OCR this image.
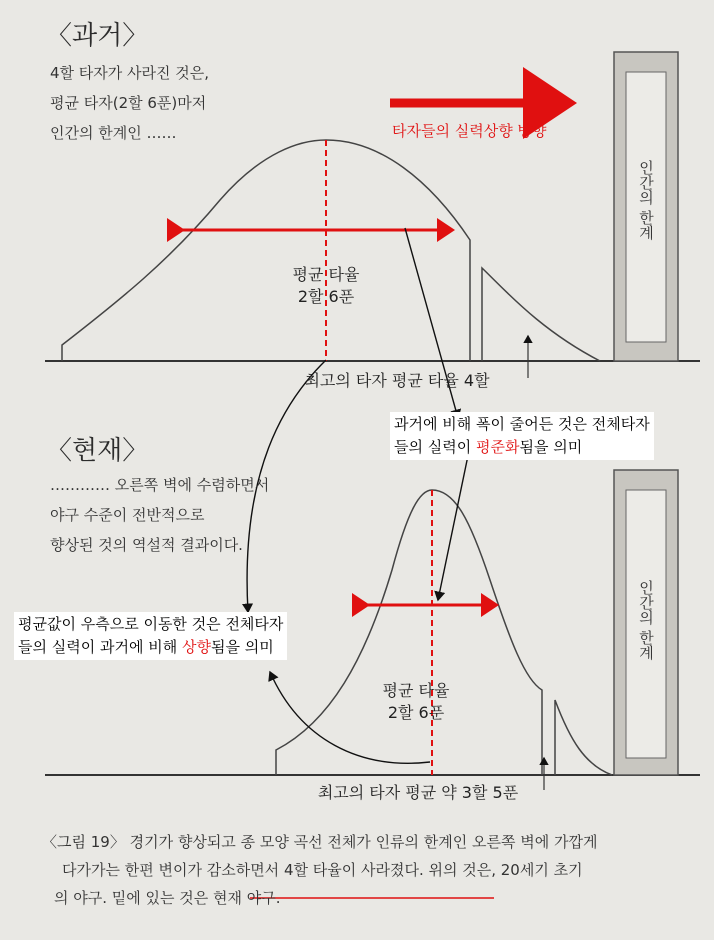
〈과거〉
4할 타자가 사라진 것은,
평균 타자(2할 6푼)마저
인간의 한계인 ……	타자들의 실력상향 방향
평균 타율
2할 6푼
최고의 타자 평균 타율 4할
인간의 한계
과거에 비해 폭이 줄어든 것은 전체타자
들의 실력이 평준화됨을 의미
〈현재〉
………… 오른쪽 벽에 수렴하면서
야구 수준이 전반적으로
향상된 것의 역설적 결과이다.
평균값이 우측으로 이동한 것은 전체타자
들의 실력이 과거에 비해 상향됨을 의미
평균 타율
2할 6푼
최고의 타자 평균 약 3할 5푼
인간의 한계
〈그림 19〉 경기가 향상되고 종 모양 곡선 전체가 인류의 한계인 오른쪽 벽에 가깝게
다가가는 한편 변이가 감소하면서 4할 타율이 사라졌다. 위의 것은, 20세기 초기
의 야구. 밑에 있는 것은 현재 야구.
